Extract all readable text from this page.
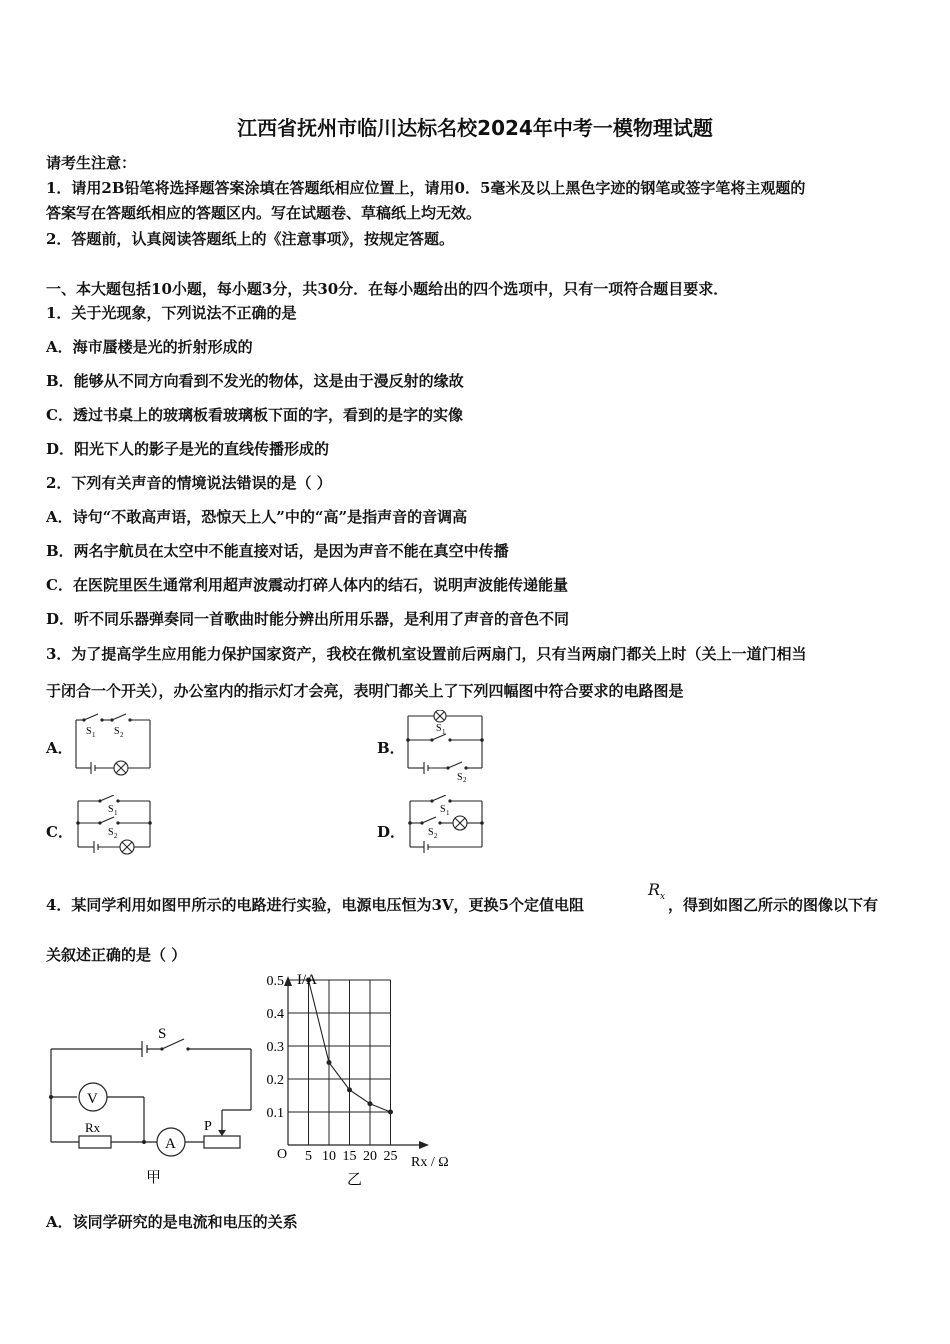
江西省抚州市临川达标名校2024年中考一模物理试题
请考生注意：
1．请用2B铅笔将选择题答案涂填在答题纸相应位置上，请用0．5毫米及以上黑色字迹的钢笔或签字笔将主观题的
答案写在答题纸相应的答题区内。写在试题卷、草稿纸上均无效。
2．答题前，认真阅读答题纸上的《注意事项》，按规定答题。
一、本大题包括10小题，每小题3分，共30分．在每小题给出的四个选项中，只有一项符合题目要求．
1．关于光现象，下列说法不正确的是
A．海市蜃楼是光的折射形成的
B．能够从不同方向看到不发光的物体，这是由于漫反射的缘故
C．透过书桌上的玻璃板看玻璃板下面的字，看到的是字的实像
D．阳光下人的影子是光的直线传播形成的
2．下列有关声音的情境说法错误的是（ ）
A．诗句“不敢高声语，恐惊天上人”中的“高”是指声音的音调高
B．两名宇航员在太空中不能直接对话，是因为声音不能在真空中传播
C．在医院里医生通常利用超声波震动打碎人体内的结石，说明声波能传递能量
D．听不同乐器弹奏同一首歌曲时能分辨出所用乐器，是利用了声音的音色不同
3．为了提高学生应用能力保护国家资产，我校在微机室设置前后两扇门，只有当两扇门都关上时（关上一道门相当
于闭合一个开关），办公室内的指示灯才会亮，表明门都关上了下列四幅图中符合要求的电路图是
A．	B．
C．	D．
S 1 S 2
S 1
S 2
S 1
S 2
S 1
S 2
4．某同学利用如图甲所示的电路进行实验，电源电压恒为3V，更换5个定值电阻
$R_x$ ，得到如图乙所示的图像以下有
关叙述正确的是（ ）
S
V
A
Rx	P
甲
5 10 15 20 25
0.1
0.2
0.3
0.4
0.5 I/A
Rx / Ω
O
乙
A．该同学研究的是电流和电压的关系
